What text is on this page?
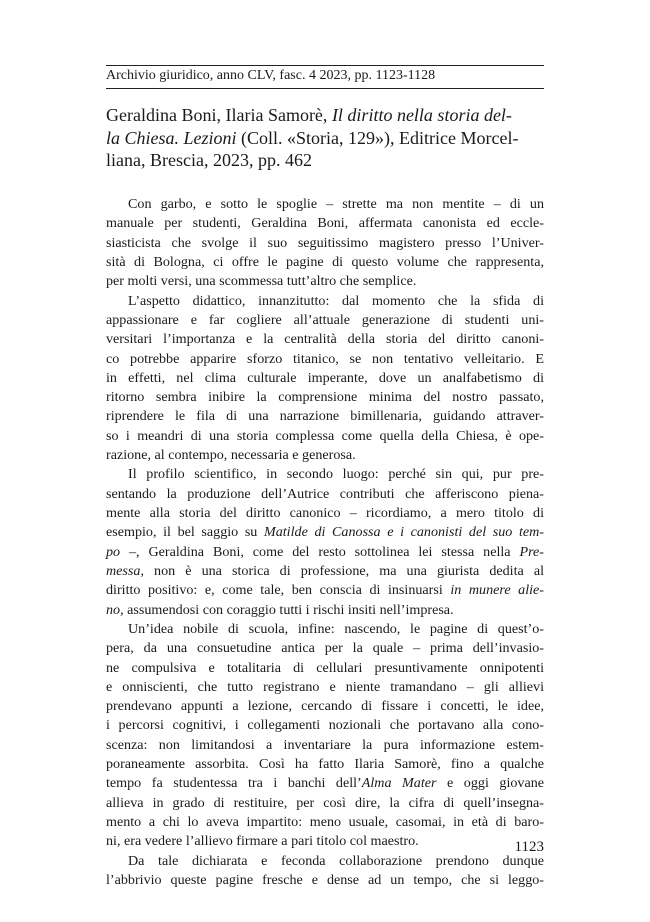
Archivio giuridico, anno CLV, fasc. 4 2023, pp. 1123-1128
Geraldina Boni, Ilaria Samorè, Il diritto nella storia del-
la Chiesa. Lezioni (Coll. «Storia, 129»), Editrice Morcel-
liana, Brescia, 2023, pp. 462
Con garbo, e sotto le spoglie – strette ma non mentite – di un
manuale per studenti, Geraldina Boni, affermata canonista ed eccle-
siasticista che svolge il suo seguitissimo magistero presso l’Univer-
sità di Bologna, ci offre le pagine di questo volume che rappresenta,
per molti versi, una scommessa tutt’altro che semplice.
L’aspetto didattico, innanzitutto: dal momento che la sfida di
appassionare e far cogliere all’attuale generazione di studenti uni-
versitari l’importanza e la centralità della storia del diritto canoni-
co potrebbe apparire sforzo titanico, se non tentativo velleitario. E
in effetti, nel clima culturale imperante, dove un analfabetismo di
ritorno sembra inibire la comprensione minima del nostro passato,
riprendere le fila di una narrazione bimillenaria, guidando attraver-
so i meandri di una storia complessa come quella della Chiesa, è ope-
razione, al contempo, necessaria e generosa.
Il profilo scientifico, in secondo luogo: perché sin qui, pur pre-
sentando la produzione dell’Autrice contributi che afferiscono piena-
mente alla storia del diritto canonico – ricordiamo, a mero titolo di
esempio, il bel saggio su Matilde di Canossa e i canonisti del suo tem-
po –, Geraldina Boni, come del resto sottolinea lei stessa nella Pre-
messa, non è una storica di professione, ma una giurista dedita al
diritto positivo: e, come tale, ben conscia di insinuarsi in munere alie-
no, assumendosi con coraggio tutti i rischi insiti nell’impresa.
Un’idea nobile di scuola, infine: nascendo, le pagine di quest’o-
pera, da una consuetudine antica per la quale – prima dell’invasio-
ne compulsiva e totalitaria di cellulari presuntivamente onnipotenti
e onniscienti, che tutto registrano e niente tramandano – gli allievi
prendevano appunti a lezione, cercando di fissare i concetti, le idee,
i percorsi cognitivi, i collegamenti nozionali che portavano alla cono-
scenza: non limitandosi a inventariare la pura informazione estem-
poraneamente assorbita. Così ha fatto Ilaria Samorè, fino a qualche
tempo fa studentessa tra i banchi dell’Alma Mater e oggi giovane
allieva in grado di restituire, per così dire, la cifra di quell’insegna-
mento a chi lo aveva impartito: meno usuale, casomai, in età di baro-
ni, era vedere l’allievo firmare a pari titolo col maestro.
Da tale dichiarata e feconda collaborazione prendono dunque
l’abbrivio queste pagine fresche e dense ad un tempo, che si leggo-
1123
